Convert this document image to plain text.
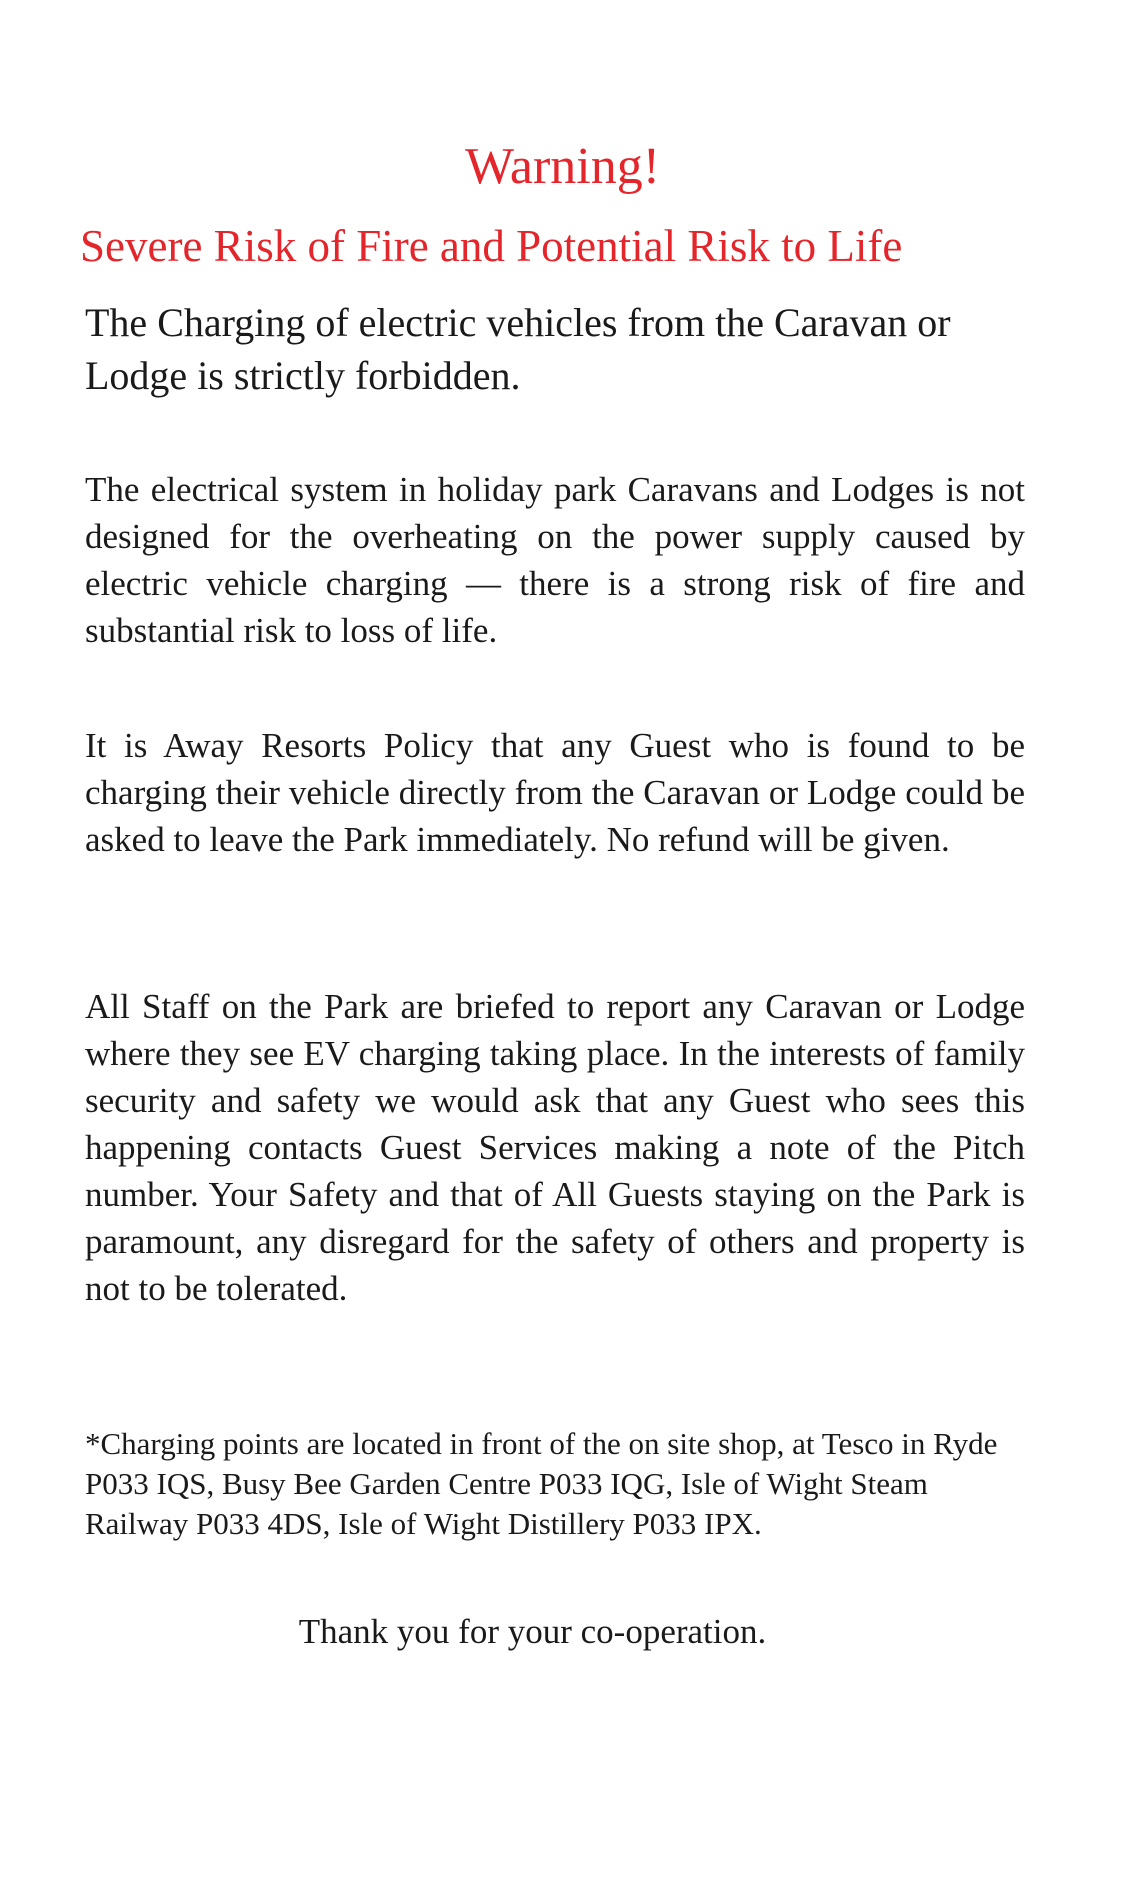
Warning!
Severe Risk of Fire and Potential Risk to Life

The Charging of electric vehicles from the Caravan or Lodge is strictly forbidden.

The electrical system in holiday park Caravans and Lodges is not designed for the overheating on the power supply caused by electric vehicle charging — there is a strong risk of fire and substantial risk to loss of life.

It is Away Resorts Policy that any Guest who is found to be charging their vehicle directly from the Caravan or Lodge could be asked to leave the Park immediately. No refund will be given.

All Staff on the Park are briefed to report any Caravan or Lodge where they see EV charging taking place. In the interests of family security and safety we would ask that any Guest who sees this happening contacts Guest Services making a note of the Pitch number. Your Safety and that of All Guests staying on the Park is paramount, any disregard for the safety of others and property is not to be tolerated.

*Charging points are located in front of the on site shop, at Tesco in Ryde P033 IQS, Busy Bee Garden Centre P033 IQG, Isle of Wight Steam Railway P033 4DS, Isle of Wight Distillery P033 IPX.

Thank you for your co-operation.
